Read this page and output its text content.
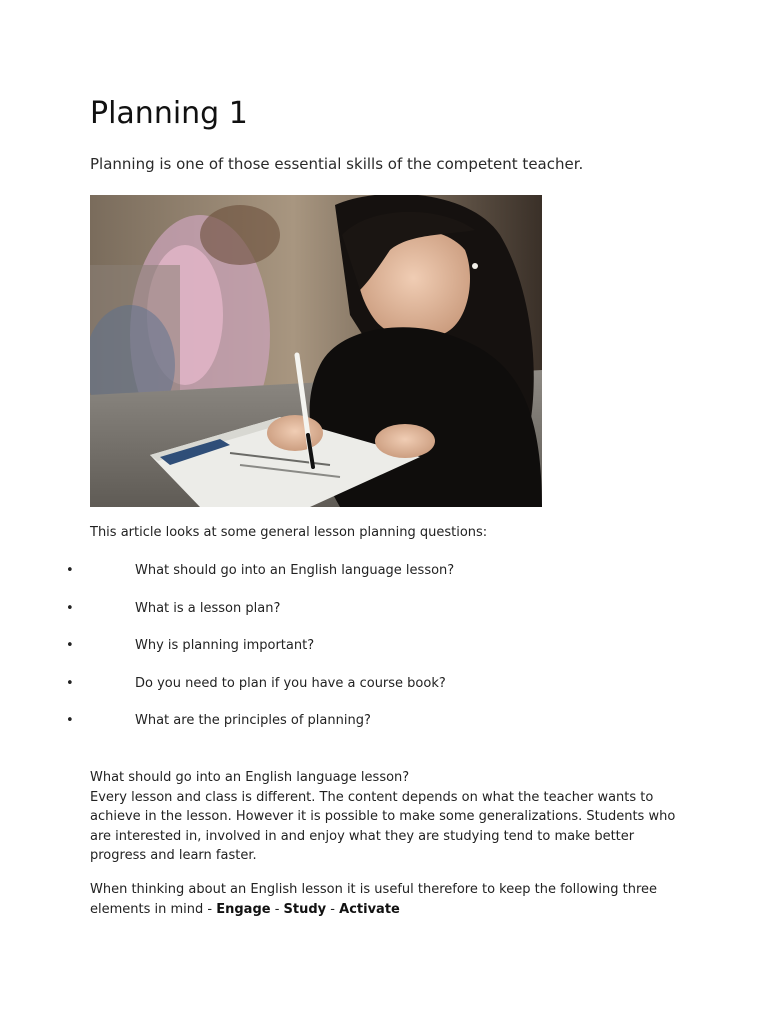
Planning 1

Planning is one of those essential skills of the competent teacher.

This article looks at some general lesson planning questions:

•	What should go into an English language lesson?
•	What is a lesson plan?
•	Why is planning important?
•	Do you need to plan if you have a course book?
•	What are the principles of planning?

What should go into an English language lesson?

Every lesson and class is different. The content depends on what the teacher wants to achieve in the lesson. However it is possible to make some generalizations. Students who are interested in, involved in and enjoy what they are studying tend to make better progress and learn faster.

When thinking about an English lesson it is useful therefore to keep the following three elements in mind - Engage - Study - Activate
